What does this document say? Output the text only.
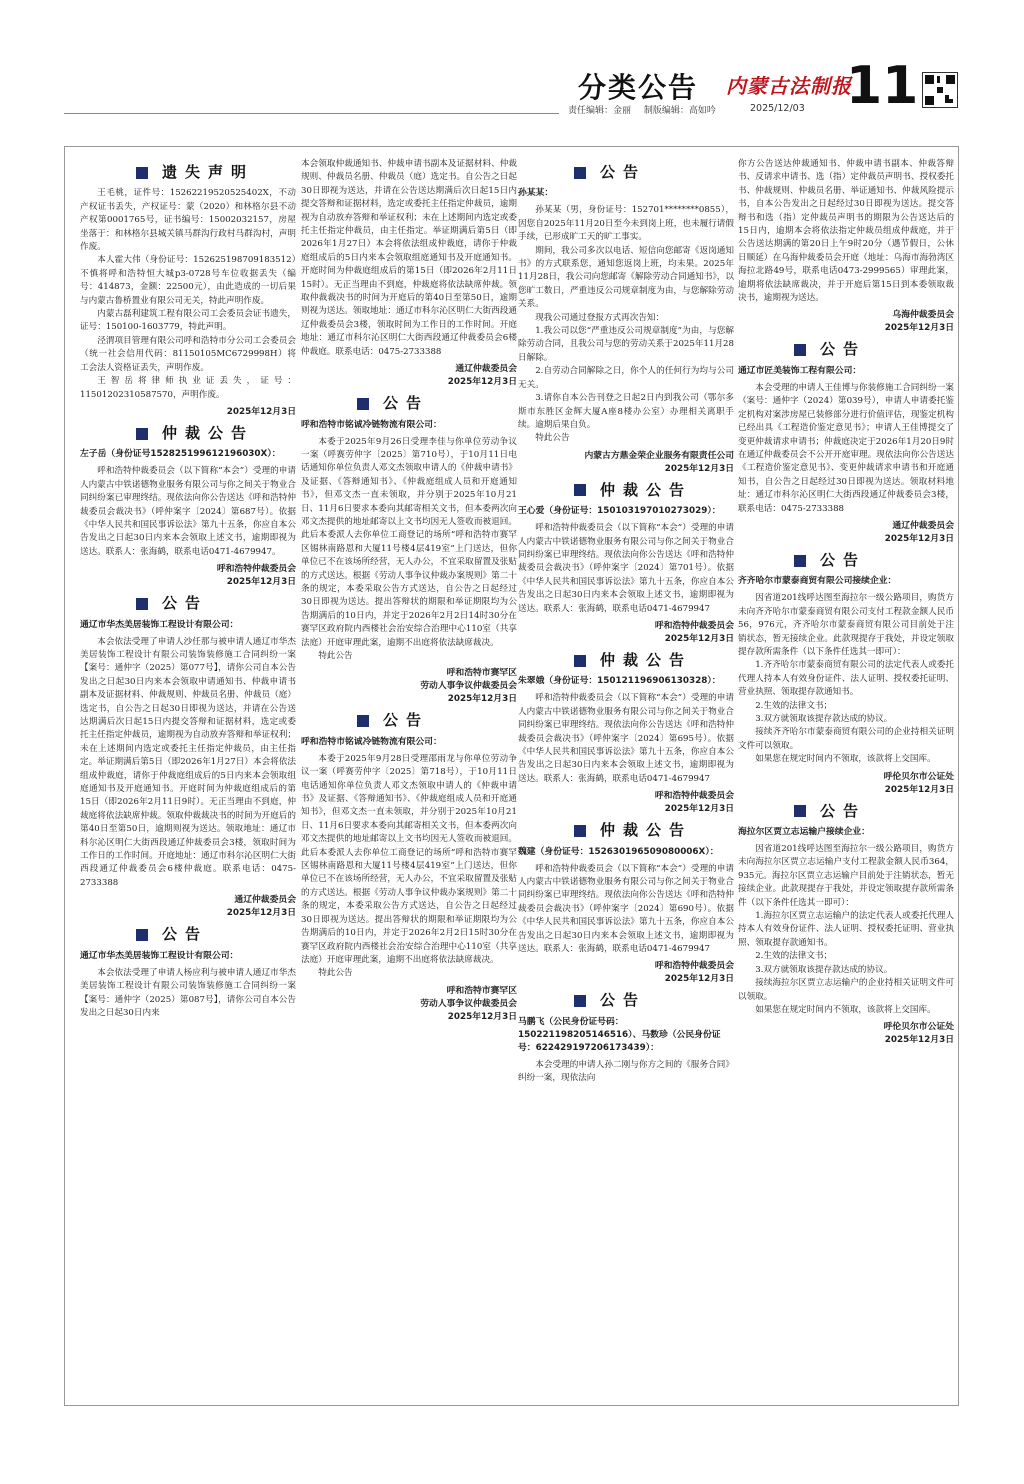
分类公告 内蒙古法制报
11
责任编辑：金丽 制版编辑：高如吟	2025/12/03
遗失声明

王毛桃，证件号：15262219520525402X，不动产权证书丢失，产权证号：蒙（2020）和林格尔县不动产权第0001765号，证书编号：15002032157，房屋坐落于：和林格尔县城关镇马群沟行政村马群沟村，声明作废。

本人霍大伟（身份证号：152625198709183512）不慎将呼和浩特恒大城p3-0728号车位收据丢失（编号：414873，金额：22500元），由此造成的一切后果与内蒙古鲁桥置业有限公司无关，特此声明作废。

内蒙古磊利建筑工程有限公司工会委员会证书遗失，证号：150100-1603779，特此声明。

泾渭项目管理有限公司呼和浩特市分公司工会委员会（统一社会信用代码：81150105MC6729998H）将工会法人资格证丢失，声明作废。

王智岳将律师执业证丢失，证号：11501202310587570，声明作废。

2025年12月3日
仲裁公告
左子岳（身份证号152825199612196030X）：

呼和浩特仲裁委员会（以下简称“本会”）受理的申请人内蒙古中铁诺德物业服务有限公司与你之间关于物业合同纠纷案已审理终结。现依法向你公告送达《呼和浩特仲裁委员会裁决书》（呼仲案字〔2024〕第687号）。依据《中华人民共和国民事诉讼法》第九十五条，你应自本公告发出之日起30日内来本会领取上述文书，逾期即视为送达。联系人：张海鹤，联系电话0471-4679947。

呼和浩特仲裁委员会
2025年12月3日
公告
通辽市华杰美居装饰工程设计有限公司：

本会依法受理了申请人沙任那与被申请人通辽市华杰美居装饰工程设计有限公司装饰装修施工合同纠纷一案【案号：通仲字（2025）第077号】，请你公司自本公告发出之日起30日内来本会领取申请通知书、仲裁申请书副本及证据材料、仲裁规则、仲裁员名册、仲裁员（庭）选定书，自公告之日起30日即视为送达，并请在公告送达期满后次日起15日内提交答辩和证据材料，选定或委托主任指定仲裁员，逾期视为自动放弃答辩和举证权利；未在上述期间内选定或委托主任指定仲裁员，由主任指定。举证期满后第5日（即2026年1月27日）本会将依法组成仲裁庭，请你于仲裁庭组成后的5日内来本会领取组庭通知书及开庭通知书。开庭时间为仲裁庭组成后的第15日（即2026年2月11日9时）。无正当理由不到庭，仲裁庭将依法缺席仲裁。领取仲裁裁决书的时间为开庭后的第40日至第50日，逾期则视为送达。领取地址：通辽市科尔沁区明仁大街西段通辽仲裁委员会3楼，领取时间为工作日的工作时间。开庭地址：通辽市科尔沁区明仁大街西段通辽仲裁委员会6楼仲裁庭。联系电话：0475-2733388

通辽仲裁委员会
2025年12月3日
公告
通辽市华杰美居装饰工程设计有限公司：

本会依法受理了申请人杨应利与被申请人通辽市华杰美居装饰工程设计有限公司装饰装修施工合同纠纷一案【案号：通仲字（2025）第087号】，请你公司自本公告发出之日起30日内来

本会领取仲裁通知书、仲裁申请书副本及证据材料、仲裁规则、仲裁员名册、仲裁员（庭）选定书。自公告之日起30日即视为送达，并请在公告送达期满后次日起15日内提交答辩和证据材料，选定或委托主任指定仲裁员，逾期视为自动放弃答辩和举证权利；未在上述期间内选定或委托主任指定仲裁员，由主任指定。举证期满后第5日（即2026年1月27日）本会将依法组成仲裁庭，请你于仲裁庭组成后的5日内来本会领取组庭通知书及开庭通知书。开庭时间为仲裁庭组成后的第15日（即2026年2月11日15时）。无正当理由不到庭，仲裁庭将依法缺席仲裁。领取仲裁裁决书的时间为开庭后的第40日至第50日，逾期则视为送达。领取地址：通辽市科尔沁区明仁大街西段通辽仲裁委员会3楼，领取时间为工作日的工作时间。开庭地址：通辽市科尔沁区明仁大街西段通辽仲裁委员会6楼仲裁庭。联系电话：0475-2733388

通辽仲裁委员会
2025年12月3日
公告
呼和浩特市铭诚冷链物流有限公司：

本委于2025年9月26日受理李佳与你单位劳动争议一案（呼赛劳仲字〔2025〕第710号），于10月11日电话通知你单位负责人邓文杰领取申请人的《仲裁申请书》及证据、《答辩通知书》、《仲裁庭组成人员和开庭通知书》，但邓文杰一直未领取，并分别于2025年10月21日、11月6日要求本委向其邮寄相关文书，但本委两次向邓文杰提供的地址邮寄以上文书均因无人签收而被退回。此后本委派人去你单位工商登记的场所“呼和浩特市赛罕区锡林南路恩和大厦11号楼4层419室”上门送达，但你单位已不在该场所经营，无人办公，不宜采取留置及张贴的方式送达。根据《劳动人事争议仲裁办案规则》第二十条的规定，本委采取公告方式送达，自公告之日起经过30日即视为送达。提出答辩状的期限和举证期限均为公告期满后的10日内，并定于2026年2月2日14时30分在赛罕区政府院内西楼社会治安综合治理中心110室（共享法庭）开庭审理此案，逾期不出庭将依法缺席裁决。

特此公告

呼和浩特市赛罕区
劳动人事争议仲裁委员会
2025年12月3日
公告
呼和浩特市铭诚冷链物流有限公司：

本委于2025年9月28日受理邵雨龙与你单位劳动争议一案（呼赛劳仲字〔2025〕第718号），于10月11日电话通知你单位负责人邓文杰领取申请人的《仲裁申请书》及证据、《答辩通知书》、《仲裁庭组成人员和开庭通知书》，但邓文杰一直未领取，并分别于2025年10月21日、11月6日要求本委向其邮寄相关文书，但本委两次向邓文杰提供的地址邮寄以上文书均因无人签收而被退回。此后本委派人去你单位工商登记的场所“呼和浩特市赛罕区锡林南路恩和大厦11号楼4层419室”上门送达，但你单位已不在该场所经营，无人办公，不宜采取留置及张贴的方式送达。根据《劳动人事争议仲裁办案规则》第二十条的规定，本委采取公告方式送达，自公告之日起经过30日即视为送达。提出答辩状的期限和举证期限均为公告期满后的10日内，并定于2026年2月2日15时30分在赛罕区政府院内西楼社会治安综合治理中心110室（共享法庭）开庭审理此案，逾期不出庭将依法缺席裁决。

特此公告

呼和浩特市赛罕区
劳动人事争议仲裁委员会
2025年12月3日
公告
孙某某：

孙某某（男，身份证号：152701********0855），因您自2025年11月20日至今未到岗上班，也未履行请假手续，已形成旷工天的旷工事实。

期间，我公司多次以电话、短信向您邮寄《返岗通知书》的方式联系您，通知您返岗上班，均未果。2025年11月28日，我公司向您邮寄《解除劳动合同通知书》，以您旷工数日，严重违反公司规章制度为由，与您解除劳动关系。

现我公司通过登报方式再次告知：

1.我公司以您“严重违反公司规章制度”为由，与您解除劳动合同，且我公司与您的劳动关系于2025年11月28日解除。

2.自劳动合同解除之日，你个人的任何行为均与公司无关。

3.请你自本公告刊登之日起2日内到我公司（鄂尔多斯市东胜区金辉大厦A座8楼办公室）办理相关离职手续。逾期后果自负。

特此公告

内蒙古方鼎金荣企业服务有限责任公司
2025年12月3日
仲裁公告
王心爱（身份证号：150103197010273029）：

呼和浩特仲裁委员会（以下简称“本会”）受理的申请人内蒙古中铁诺德物业服务有限公司与你之间关于物业合同纠纷案已审理终结。现依法向你公告送达《呼和浩特仲裁委员会裁决书》（呼仲案字〔2024〕第701号）。依据《中华人民共和国民事诉讼法》第九十五条，你应自本公告发出之日起30日内来本会领取上述文书，逾期即视为送达。联系人：张海鹤，联系电话0471-4679947

呼和浩特仲裁委员会
2025年12月3日
仲裁公告
朱翠娥（身份证号：150121196906130328）：

呼和浩特仲裁委员会（以下简称“本会”）受理的申请人内蒙古中铁诺德物业服务有限公司与你之间关于物业合同纠纷案已审理终结。现依法向你公告送达《呼和浩特仲裁委员会裁决书》（呼仲案字〔2024〕第695号）。依据《中华人民共和国民事诉讼法》第九十五条，你应自本公告发出之日起30日内来本会领取上述文书，逾期即视为送达。联系人：张海鹤，联系电话0471-4679947

呼和浩特仲裁委员会
2025年12月3日
仲裁公告
魏建（身份证号：152630196509080006X）：

呼和浩特仲裁委员会（以下简称“本会”）受理的申请人内蒙古中铁诺德物业服务有限公司与你之间关于物业合同纠纷案已审理终结。现依法向你公告送达《呼和浩特仲裁委员会裁决书》（呼仲案字〔2024〕第690号）。依据《中华人民共和国民事诉讼法》第九十五条，你应自本公告发出之日起30日内来本会领取上述文书，逾期即视为送达。联系人：张海鹤，联系电话0471-4679947

呼和浩特仲裁委员会
2025年12月3日
公告
马鹏飞（公民身份证号码：150221198205146516）、马数珍（公民身份证号：622429197206173439）：

本会受理的申请人孙二刚与你方之间的《服务合同》纠纷一案，现依法向

你方公告送达仲裁通知书、仲裁申请书副本、仲裁答辩书、反请求申请书、选（指）定仲裁员声明书、授权委托书、仲裁规则、仲裁员名册、举证通知书、仲裁风险提示书，自本公告发出之日起经过30日即视为送达。提交答辩书和选（指）定仲裁员声明书的期限为公告送达后的15日内，逾期本会将依法指定仲裁员组成仲裁庭，并于公告送达期满的第20日上午9时20分（遇节假日，公休日顺延）在乌海仲裁委员会开庭（地址：乌海市海勃湾区海拉北路49号，联系电话0473-2999565）审理此案，逾期将依法缺席裁决，并于开庭后第15日到本委领取裁决书，逾期视为送达。

乌海仲裁委员会
2025年12月3日
公告
通辽市匠美装饰工程有限公司：

本会受理的申请人王佳博与你装修施工合同纠纷一案（案号：通仲字（2024）第039号），申请人申请委托鉴定机构对案涉房屋已装修部分进行价值评估，现鉴定机构已经出具《工程造价鉴定意见书》；申请人王佳博提交了变更仲裁请求申请书；仲裁庭决定于2026年1月20日9时在通辽仲裁委员会不公开开庭审理。现依法向你公告送达《工程造价鉴定意见书》、变更仲裁请求申请书和开庭通知书，自公告之日起经过30日即视为送达。领取材料地址：通辽市科尔沁区明仁大街西段通辽仲裁委员会3楼，联系电话：0475-2733388

通辽仲裁委员会
2025年12月3日
公告
齐齐哈尔市蒙泰商贸有限公司接续企业：

因省道201线呼达图至海拉尔一级公路项目，购货方未向齐齐哈尔市蒙泰商贸有限公司支付工程款金额人民币56，976元，齐齐哈尔市蒙泰商贸有限公司目前处于注销状态，暂无接续企业。此款现提存于我处，并设定领取提存款所需条件（以下条件任选其一即可）：

1.齐齐哈尔市蒙泰商贸有限公司的法定代表人或委托代理人持本人有效身份证件、法人证明、授权委托证明、营业执照、领取提存款通知书。

2.生效的法律文书；

3.双方就领取该提存款达成的协议。

接续齐齐哈尔市蒙泰商贸有限公司的企业持相关证明文件可以领取。

如果您在规定时间内不领取，该款将上交国库。

呼伦贝尔市公证处
2025年12月3日
公告
海拉尔区贾立志运输户接续企业：

因省道201线呼达图至海拉尔一级公路项目，购货方未向海拉尔区贾立志运输户支付工程款金额人民币364，935元。海拉尔区贾立志运输户目前处于注销状态，暂无接续企业。此款现提存于我处，并设定领取提存款所需条件（以下条件任选其一即可）：

1.海拉尔区贾立志运输户的法定代表人或委托代理人持本人有效身份证件、法人证明、授权委托证明、营业执照、领取提存款通知书。

2.生效的法律文书；

3.双方就领取该提存款达成的协议。

接续海拉尔区贾立志运输户的企业持相关证明文件可以领取。

如果您在规定时间内不领取，该款将上交国库。

呼伦贝尔市公证处
2025年12月3日
